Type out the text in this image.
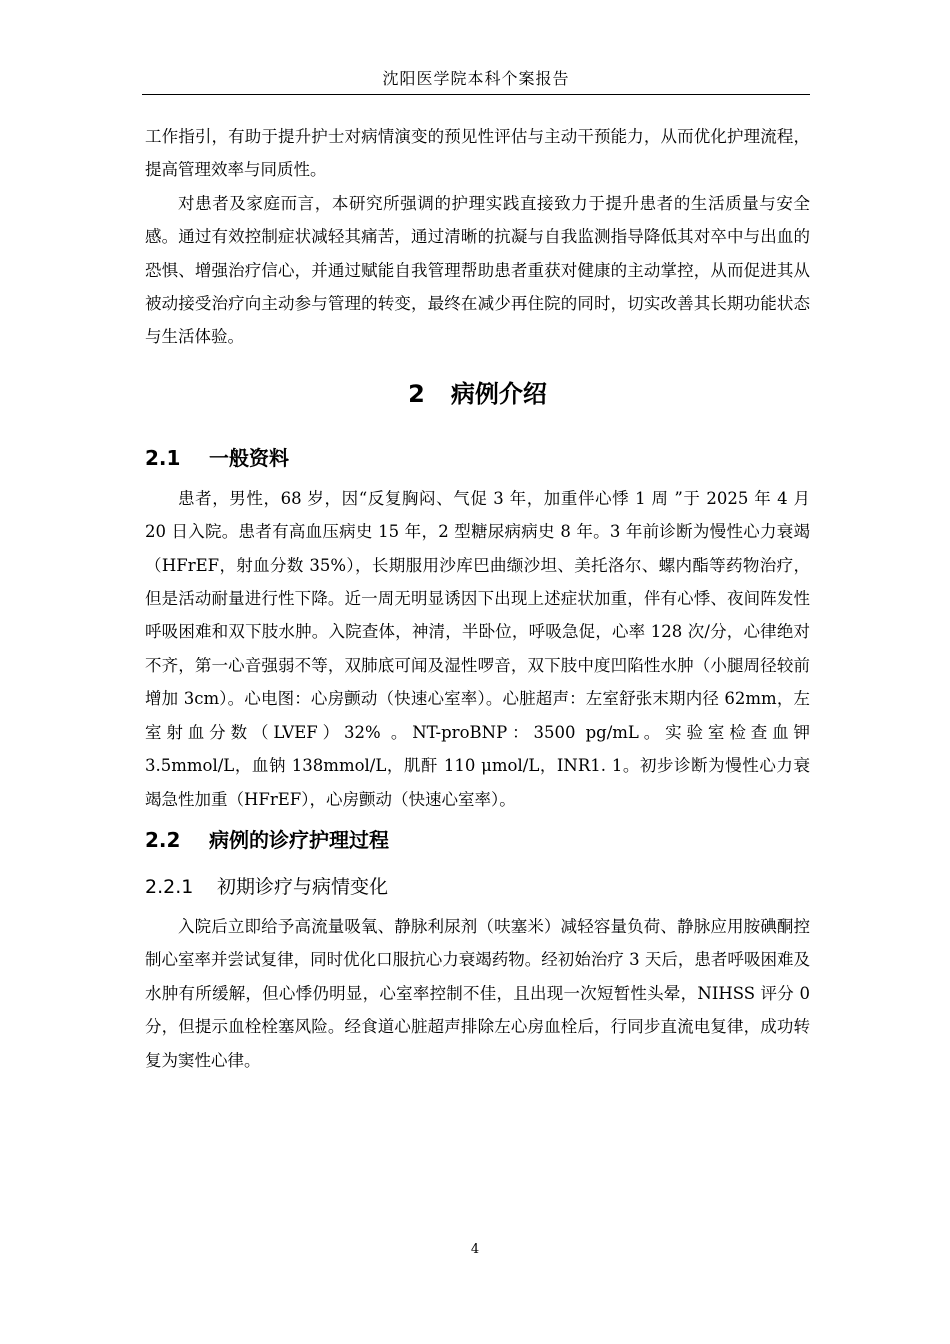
沈阳医学院本科个案报告

工作指引，有助于提升护士对病情演变的预见性评估与主动干预能力，从而优化护理流程，提高管理效率与同质性。

对患者及家庭而言，本研究所强调的护理实践直接致力于提升患者的生活质量与安全感。通过有效控制症状减轻其痛苦，通过清晰的抗凝与自我监测指导降低其对卒中与出血的恐惧、增强治疗信心，并通过赋能自我管理帮助患者重获对健康的主动掌控，从而促进其从被动接受治疗向主动参与管理的转变，最终在减少再住院的同时，切实改善其长期功能状态与生活体验。

2 病例介绍
2.1 一般资料

患者，男性，68 岁，因“反复胸闷、气促 3 年，加重伴心悸 1 周 ”于 2025 年 4 月 20 日入院。患者有高血压病史 15 年，2 型糖尿病病史 8 年。3 年前诊断为慢性心力衰竭（HFrEF，射血分数 35%），长期服用沙库巴曲缬沙坦、美托洛尔、螺内酯等药物治疗，但是活动耐量进行性下降。近一周无明显诱因下出现上述症状加重，伴有心悸、夜间阵发性呼吸困难和双下肢水肿。入院查体，神清，半卧位，呼吸急促，心率 128 次/分，心律绝对不齐，第一心音强弱不等，双肺底可闻及湿性啰音，双下肢中度凹陷性水肿（小腿周径较前增加 3cm）。心电图：心房颤动（快速心室率）。心脏超声：左室舒张末期内径 62mm，左室射血分数（LVEF）32% 。NT-proBNP：3500 pg/mL。实验室检查血钾 3.5mmol/L，血钠 138mmol/L，肌酐 110 μmol/L，INR1. 1。初步诊断为慢性心力衰竭急性加重（HFrEF），心房颤动（快速心室率）。

2.2 病例的诊疗护理过程
2.2.1 初期诊疗与病情变化

入院后立即给予高流量吸氧、静脉利尿剂（呋塞米）减轻容量负荷、静脉应用胺碘酮控制心室率并尝试复律，同时优化口服抗心力衰竭药物。经初始治疗 3 天后，患者呼吸困难及水肿有所缓解，但心悸仍明显，心室率控制不佳，且出现一次短暂性头晕，NIHSS 评分 0 分，但提示血栓栓塞风险。经食道心脏超声排除左心房血栓后，行同步直流电复律，成功转复为窦性心律。

4
